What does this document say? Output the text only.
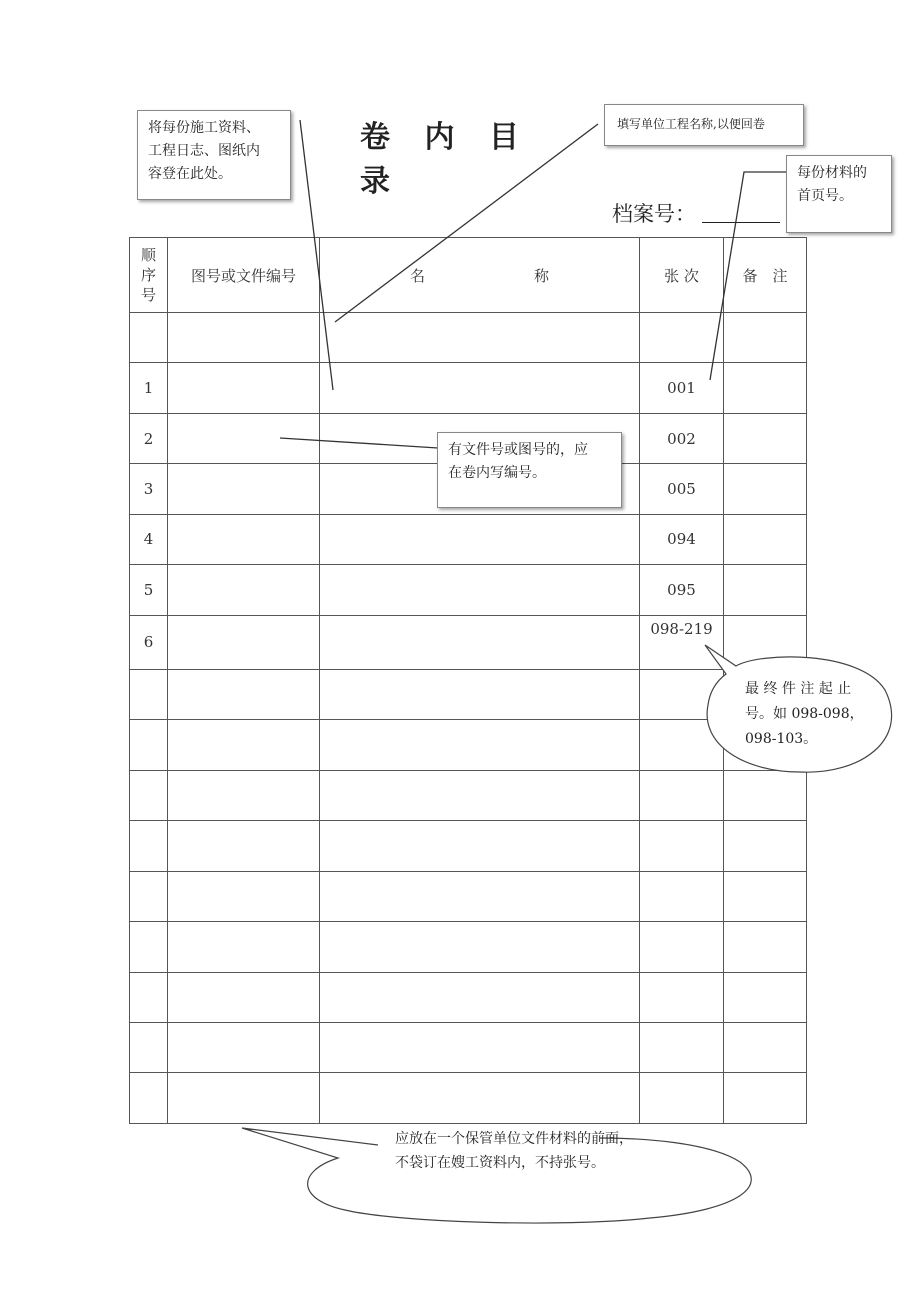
卷 内 目 录
档案号：
将每份施工资料、
工程日志、图纸内
容登在此处。
填写单位工程名称,以便回卷
每份材料的
首页号。
顺
序
号	图号或文件编号	名 称	张 次	备　注

1			001	
2			002	
3			005	
4			094	
5			095	
6			098-219	

有文件号或图号的，应
在卷内写编号。
最 终 件 注 起 止
号。如 098-098，
098-103。
应放在一个保管单位文件材料的前面，
不袋订在嫂工资料内，不持张号。
